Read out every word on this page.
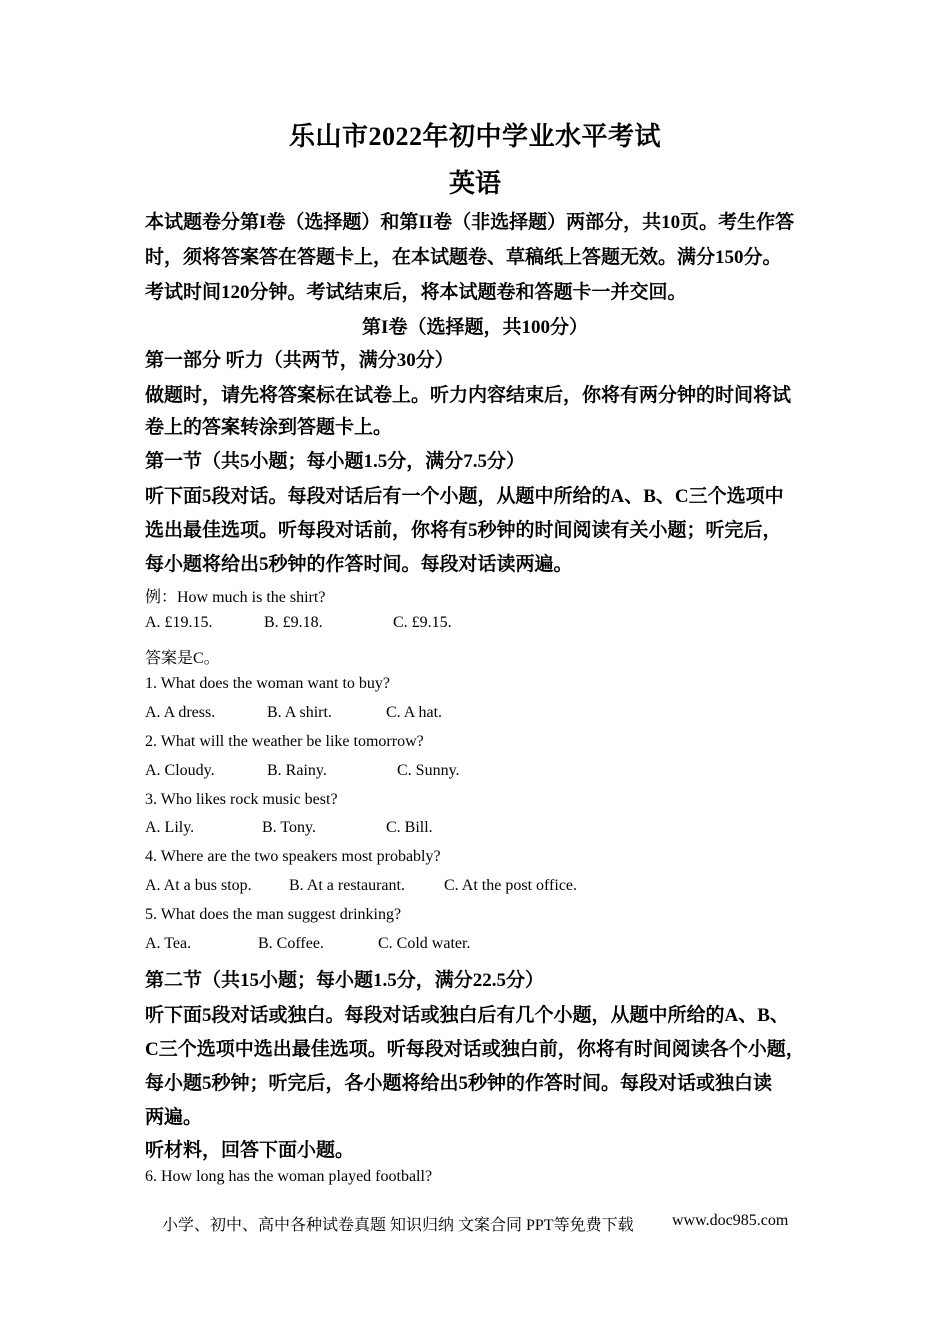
乐山市2022年初中学业水平考试
英语
本试题卷分第I卷（选择题）和第II卷（非选择题）两部分，共10页。考生作答
时，须将答案答在答题卡上，在本试题卷、草稿纸上答题无效。满分150分。
考试时间120分钟。考试结束后，将本试题卷和答题卡一并交回。
第I卷（选择题，共100分）
第一部分 听力（共两节，满分30分）
做题时，请先将答案标在试卷上。听力内容结束后，你将有两分钟的时间将试
卷上的答案转涂到答题卡上。
第一节（共5小题；每小题1.5分，满分7.5分）
听下面5段对话。每段对话后有一个小题，从题中所给的A、B、C三个选项中
选出最佳选项。听每段对话前，你将有5秒钟的时间阅读有关小题；听完后，
每小题将给出5秒钟的作答时间。每段对话读两遍。
例：How much is the shirt?
A. £19.15.	B. £9.18.	C. £9.15.
答案是C。
1. What does the woman want to buy?
A. A dress.	B. A shirt.	C. A hat.
2. What will the weather be like tomorrow?
A. Cloudy.	B. Rainy.	C. Sunny.
3. Who likes rock music best?
A. Lily.	B. Tony.	C. Bill.
4. Where are the two speakers most probably?
A. At a bus stop. B. At a restaurant. C. At the post office.
5. What does the man suggest drinking?
A. Tea.	B. Coffee.	C. Cold water.
第二节（共15小题；每小题1.5分，满分22.5分）
听下面5段对话或独白。每段对话或独白后有几个小题，从题中所给的A、B、
C三个选项中选出最佳选项。听每段对话或独白前，你将有时间阅读各个小题，
每小题5秒钟；听完后，各小题将给出5秒钟的作答时间。每段对话或独白读
两遍。
听材料，回答下面小题。
6. How long has the woman played football?
小学、初中、高中各种试卷真题 知识归纳 文案合同 PPT等免费下载 www.doc985.com
